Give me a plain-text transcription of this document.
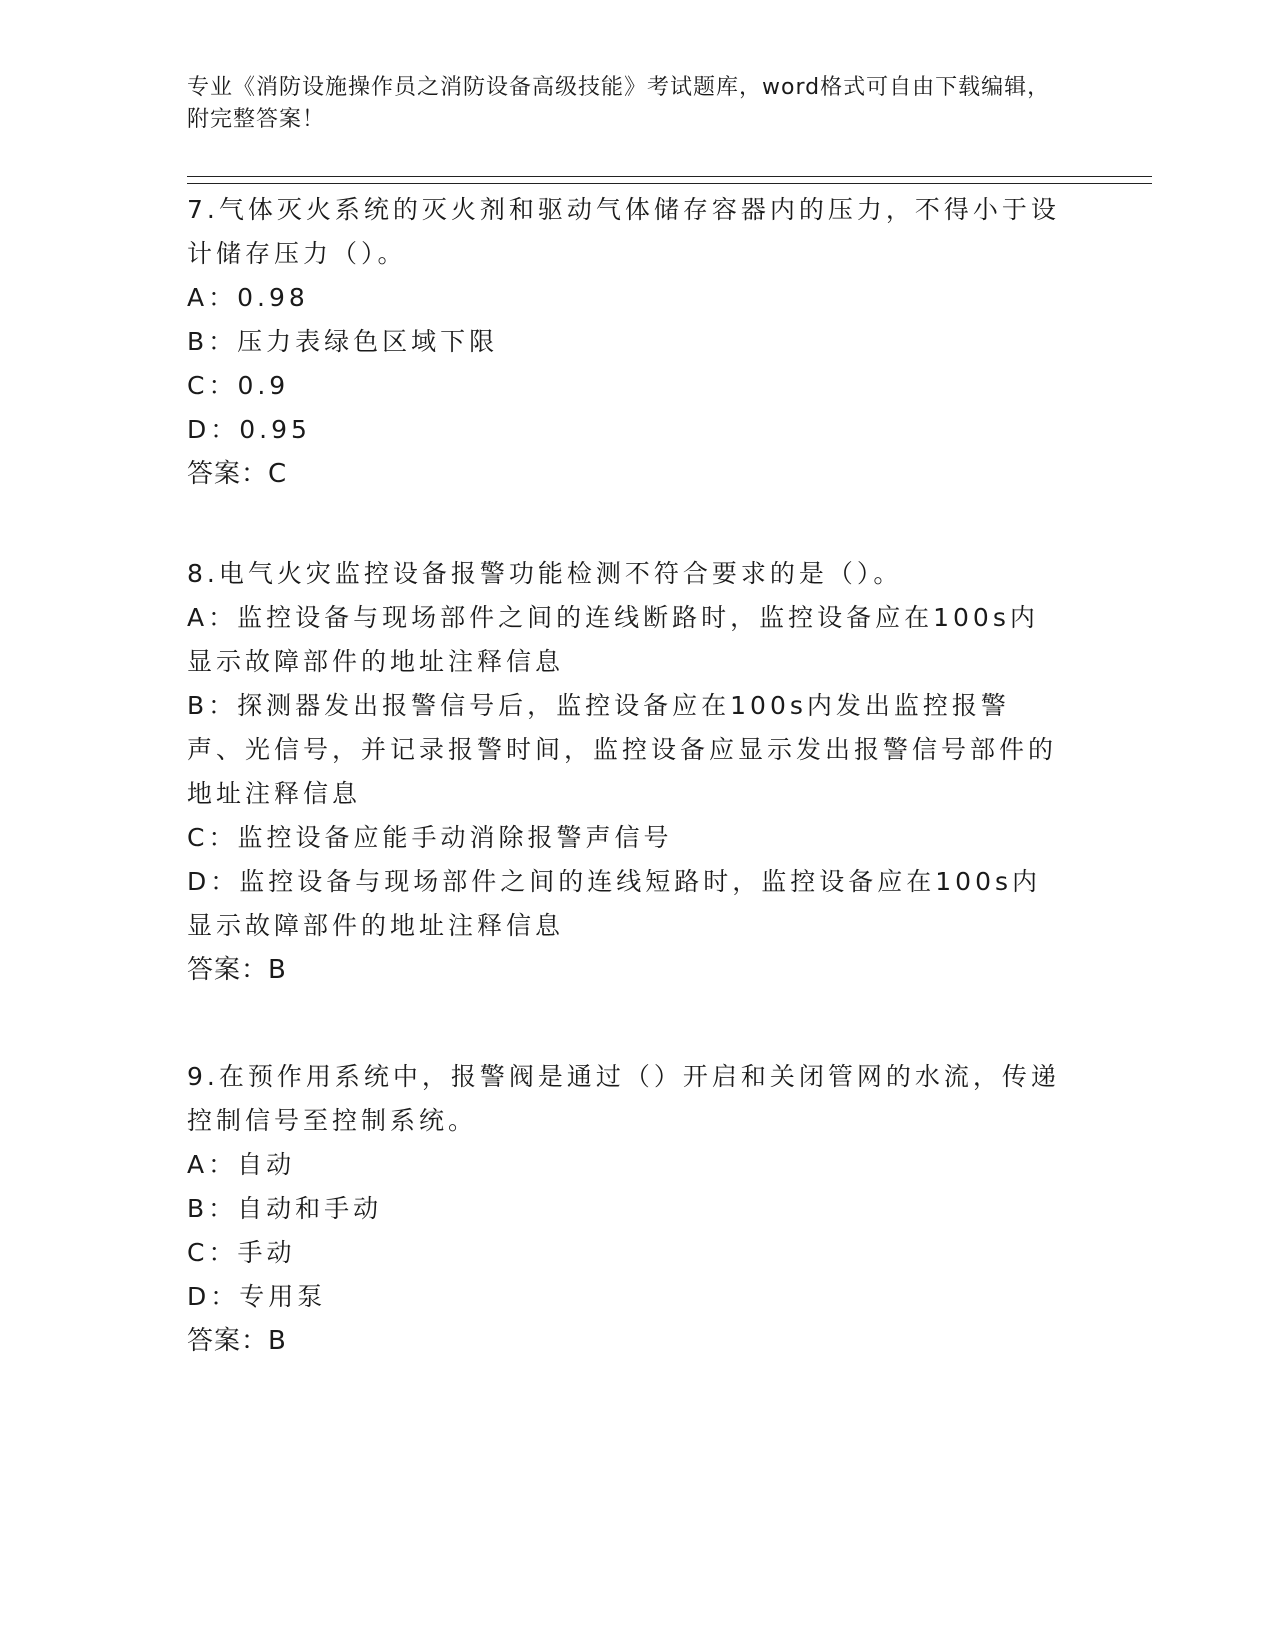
专业《消防设施操作员之消防设备高级技能》考试题库，word格式可自由下载编辑，附完整答案！

7.气体灭火系统的灭火剂和驱动气体储存容器内的压力，不得小于设计储存压力（）。

A：0.98

B：压力表绿色区域下限

C：0.9

D：0.95

答案：C

8.电气火灾监控设备报警功能检测不符合要求的是（）。

A：监控设备与现场部件之间的连线断路时，监控设备应在100s内显示故障部件的地址注释信息

B：探测器发出报警信号后，监控设备应在100s内发出监控报警声、光信号，并记录报警时间，监控设备应显示发出报警信号部件的地址注释信息

C：监控设备应能手动消除报警声信号

D：监控设备与现场部件之间的连线短路时，监控设备应在100s内显示故障部件的地址注释信息

答案：B

9.在预作用系统中，报警阀是通过（）开启和关闭管网的水流，传递控制信号至控制系统。

A：自动

B：自动和手动

C：手动

D：专用泵

答案：B
